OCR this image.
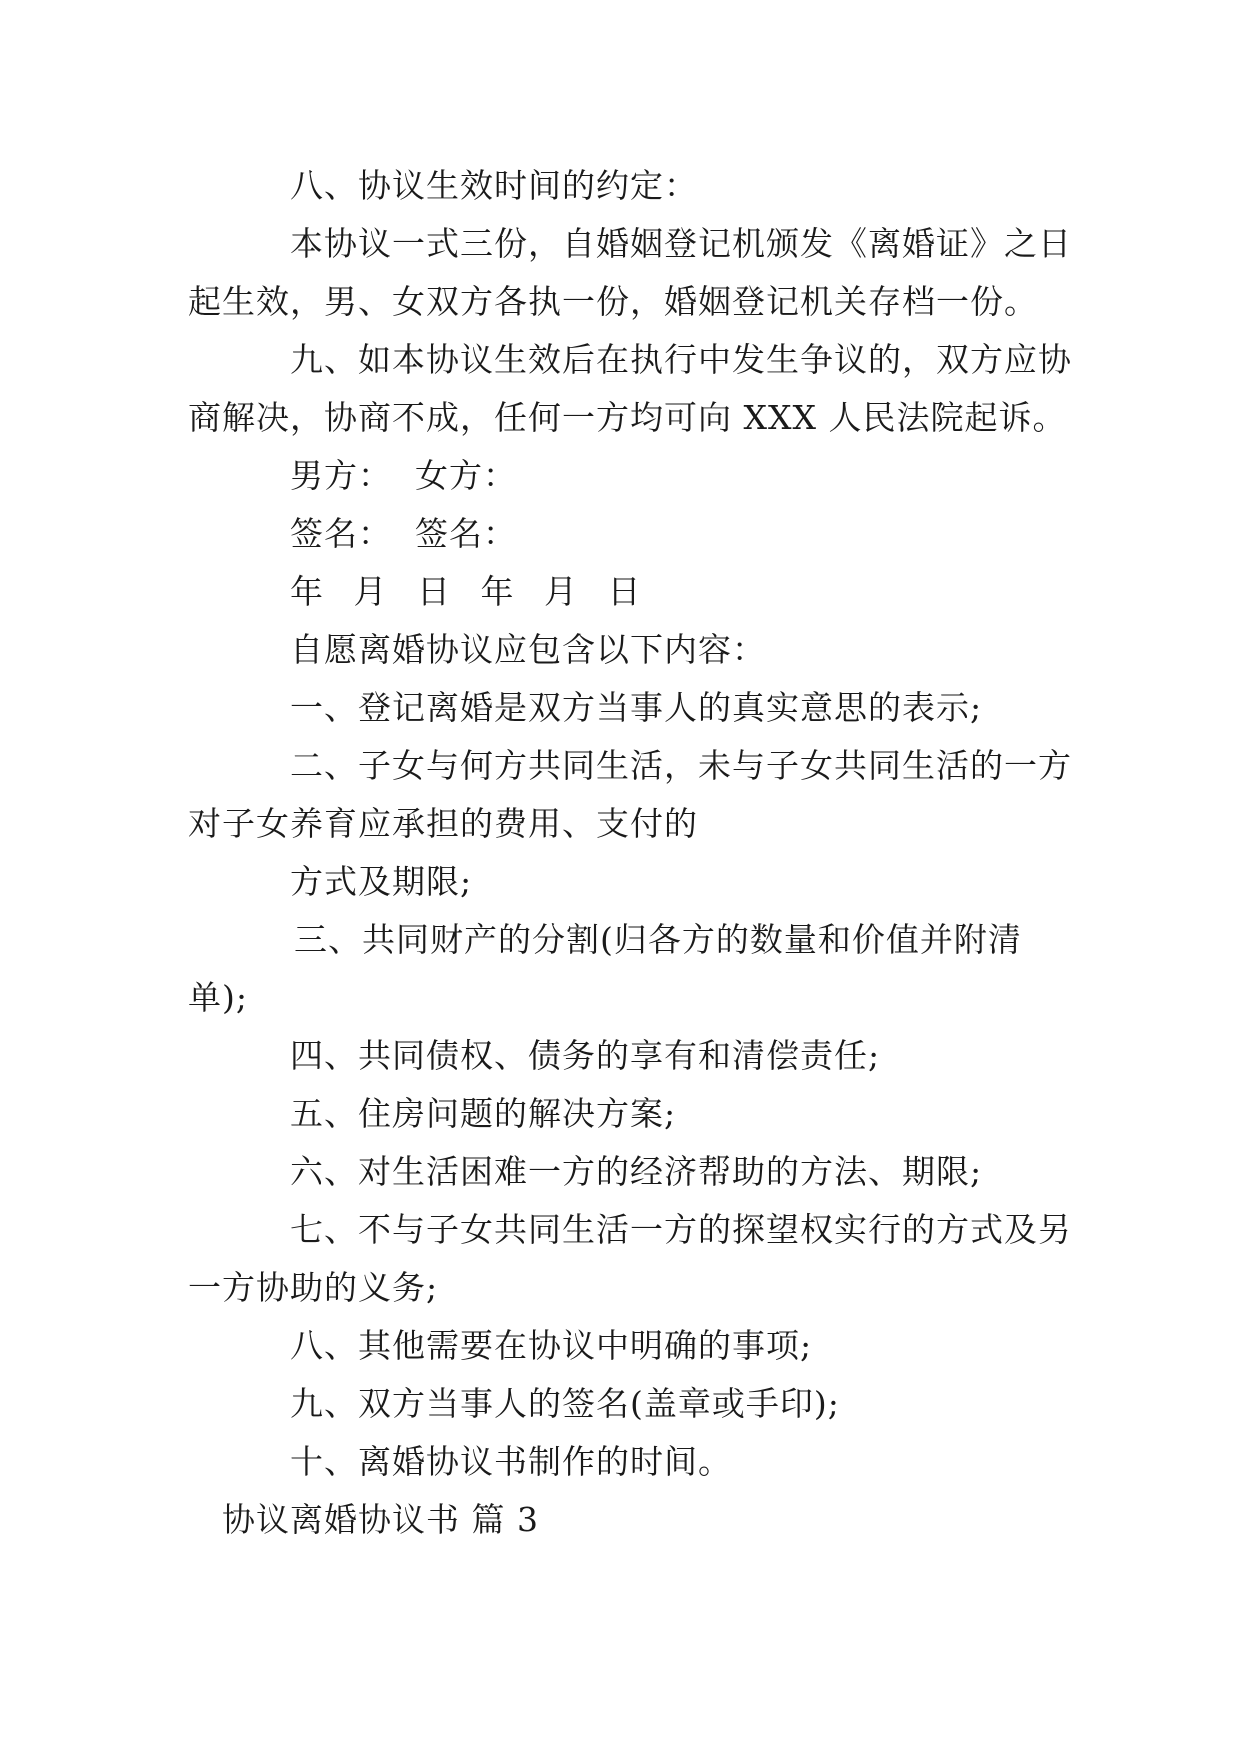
八、协议生效时间的约定：
本协议一式三份，自婚姻登记机颁发《离婚证》之日
起生效，男、女双方各执一份，婚姻登记机关存档一份。
九、如本协议生效后在执行中发生争议的，双方应协
商解决，协商不成，任何一方均可向 XXX 人民法院起诉。
男方：  女方：
签名：  签名：
年 月 日 年 月 日
自愿离婚协议应包含以下内容：
一、登记离婚是双方当事人的真实意思的表示;
二、子女与何方共同生活，未与子女共同生活的一方
对子女养育应承担的费用、支付的
方式及期限;
三、共同财产的分割(归各方的数量和价值并附清
单);
四、共同债权、债务的享有和清偿责任;
五、住房问题的解决方案;
六、对生活困难一方的经济帮助的方法、期限;
七、不与子女共同生活一方的探望权实行的方式及另
一方协助的义务;
八、其他需要在协议中明确的事项;
九、双方当事人的签名(盖章或手印);
十、离婚协议书制作的时间。
协议离婚协议书 篇 3
